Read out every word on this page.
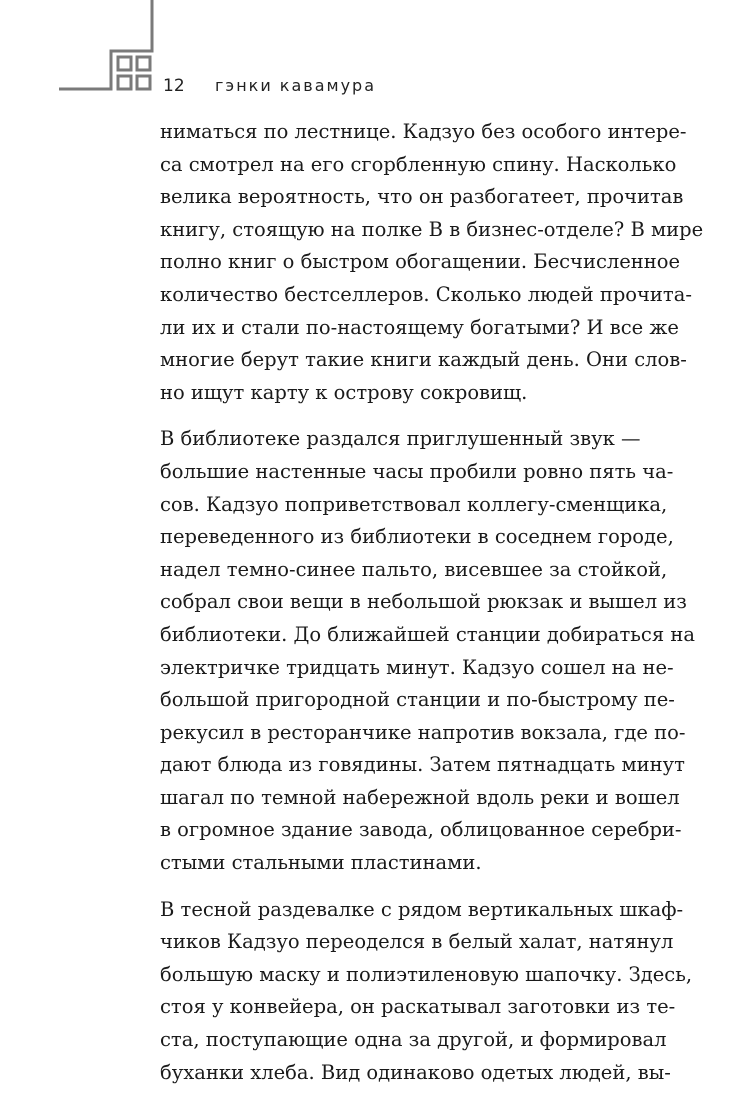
12 гэнки кавамура
ниматься по лестнице. Кадзуо без особого интере-
са смотрел на его сгорбленную спину. Насколько
велика вероятность, что он разбогатеет, прочитав
книгу, стоящую на полке В в бизнес-отделе? В мире
полно книг о быстром обогащении. Бесчисленное
количество бестселлеров. Сколько людей прочита-
ли их и стали по-настоящему богатыми? И все же
многие берут такие книги каждый день. Они слов-
но ищут карту к острову сокровищ.
В библиотеке раздался приглушенный звук —
большие настенные часы пробили ровно пять ча-
сов. Кадзуо поприветствовал коллегу-сменщика,
переведенного из библиотеки в соседнем городе,
надел темно-синее пальто, висевшее за стойкой,
собрал свои вещи в небольшой рюкзак и вышел из
библиотеки. До ближайшей станции добираться на
электричке тридцать минут. Кадзуо сошел на не-
большой пригородной станции и по-быстрому пе-
рекусил в ресторанчике напротив вокзала, где по-
дают блюда из говядины. Затем пятнадцать минут
шагал по темной набережной вдоль реки и вошел
в огромное здание завода, облицованное серебри-
стыми стальными пластинами.
В тесной раздевалке с рядом вертикальных шкаф-
чиков Кадзуо переоделся в белый халат, натянул
большую маску и полиэтиленовую шапочку. Здесь,
стоя у конвейера, он раскатывал заготовки из те-
ста, поступающие одна за другой, и формировал
буханки хлеба. Вид одинаково одетых людей, вы-
